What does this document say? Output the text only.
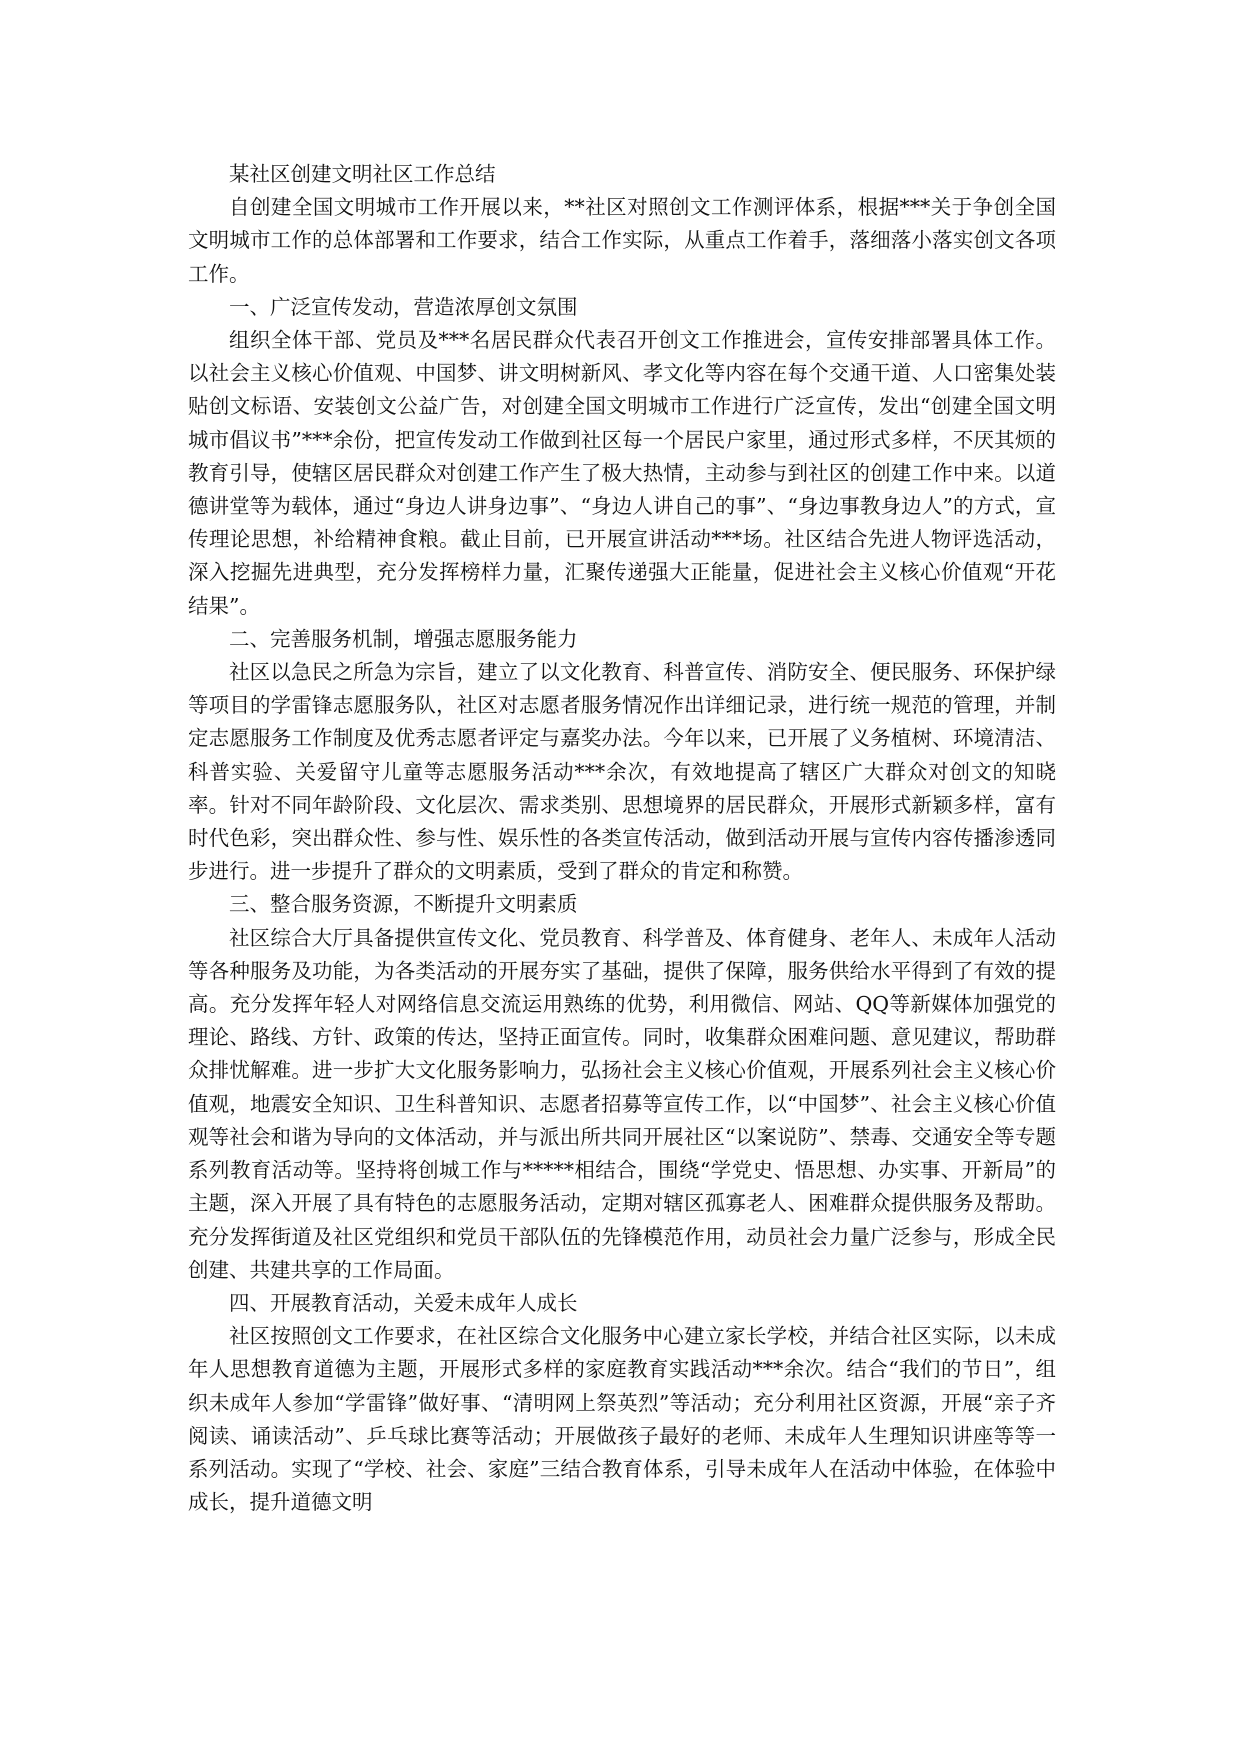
某社区创建文明社区工作总结

自创建全国文明城市工作开展以来，**社区对照创文工作测评体系，根据***关于争创全国文明城市工作的总体部署和工作要求，结合工作实际，从重点工作着手，落细落小落实创文各项工作。

一、广泛宣传发动，营造浓厚创文氛围

组织全体干部、党员及***名居民群众代表召开创文工作推进会，宣传安排部署具体工作。以社会主义核心价值观、中国梦、讲文明树新风、孝文化等内容在每个交通干道、人口密集处装贴创文标语、安装创文公益广告，对创建全国文明城市工作进行广泛宣传，发出“创建全国文明城市倡议书”***余份，把宣传发动工作做到社区每一个居民户家里，通过形式多样，不厌其烦的教育引导，使辖区居民群众对创建工作产生了极大热情，主动参与到社区的创建工作中来。以道德讲堂等为载体，通过“身边人讲身边事”、“身边人讲自己的事”、“身边事教身边人”的方式，宣传理论思想，补给精神食粮。截止目前，已开展宣讲活动***场。社区结合先进人物评选活动，深入挖掘先进典型，充分发挥榜样力量，汇聚传递强大正能量，促进社会主义核心价值观“开花结果”。

二、完善服务机制，增强志愿服务能力

社区以急民之所急为宗旨，建立了以文化教育、科普宣传、消防安全、便民服务、环保护绿等项目的学雷锋志愿服务队，社区对志愿者服务情况作出详细记录，进行统一规范的管理，并制定志愿服务工作制度及优秀志愿者评定与嘉奖办法。今年以来，已开展了义务植树、环境清洁、科普实验、关爱留守儿童等志愿服务活动***余次，有效地提高了辖区广大群众对创文的知晓率。针对不同年龄阶段、文化层次、需求类别、思想境界的居民群众，开展形式新颖多样，富有时代色彩，突出群众性、参与性、娱乐性的各类宣传活动，做到活动开展与宣传内容传播渗透同步进行。进一步提升了群众的文明素质，受到了群众的肯定和称赞。

三、整合服务资源，不断提升文明素质

社区综合大厅具备提供宣传文化、党员教育、科学普及、体育健身、老年人、未成年人活动等各种服务及功能，为各类活动的开展夯实了基础，提供了保障，服务供给水平得到了有效的提高。充分发挥年轻人对网络信息交流运用熟练的优势，利用微信、网站、QQ等新媒体加强党的理论、路线、方针、政策的传达，坚持正面宣传。同时，收集群众困难问题、意见建议，帮助群众排忧解难。进一步扩大文化服务影响力，弘扬社会主义核心价值观，开展系列社会主义核心价值观，地震安全知识、卫生科普知识、志愿者招募等宣传工作，以“中国梦”、社会主义核心价值观等社会和谐为导向的文体活动，并与派出所共同开展社区“以案说防”、禁毒、交通安全等专题系列教育活动等。坚持将创城工作与*****相结合，围绕“学党史、悟思想、办实事、开新局”的主题，深入开展了具有特色的志愿服务活动，定期对辖区孤寡老人、困难群众提供服务及帮助。充分发挥街道及社区党组织和党员干部队伍的先锋模范作用，动员社会力量广泛参与，形成全民创建、共建共享的工作局面。

四、开展教育活动，关爱未成年人成长

社区按照创文工作要求，在社区综合文化服务中心建立家长学校，并结合社区实际，以未成年人思想教育道德为主题，开展形式多样的家庭教育实践活动***余次。结合“我们的节日”，组织未成年人参加“学雷锋”做好事、“清明网上祭英烈”等活动；充分利用社区资源，开展“亲子齐阅读、诵读活动”、乒乓球比赛等活动；开展做孩子最好的老师、未成年人生理知识讲座等等一系列活动。实现了“学校、社会、家庭”三结合教育体系，引导未成年人在活动中体验，在体验中成长，提升道德文明
